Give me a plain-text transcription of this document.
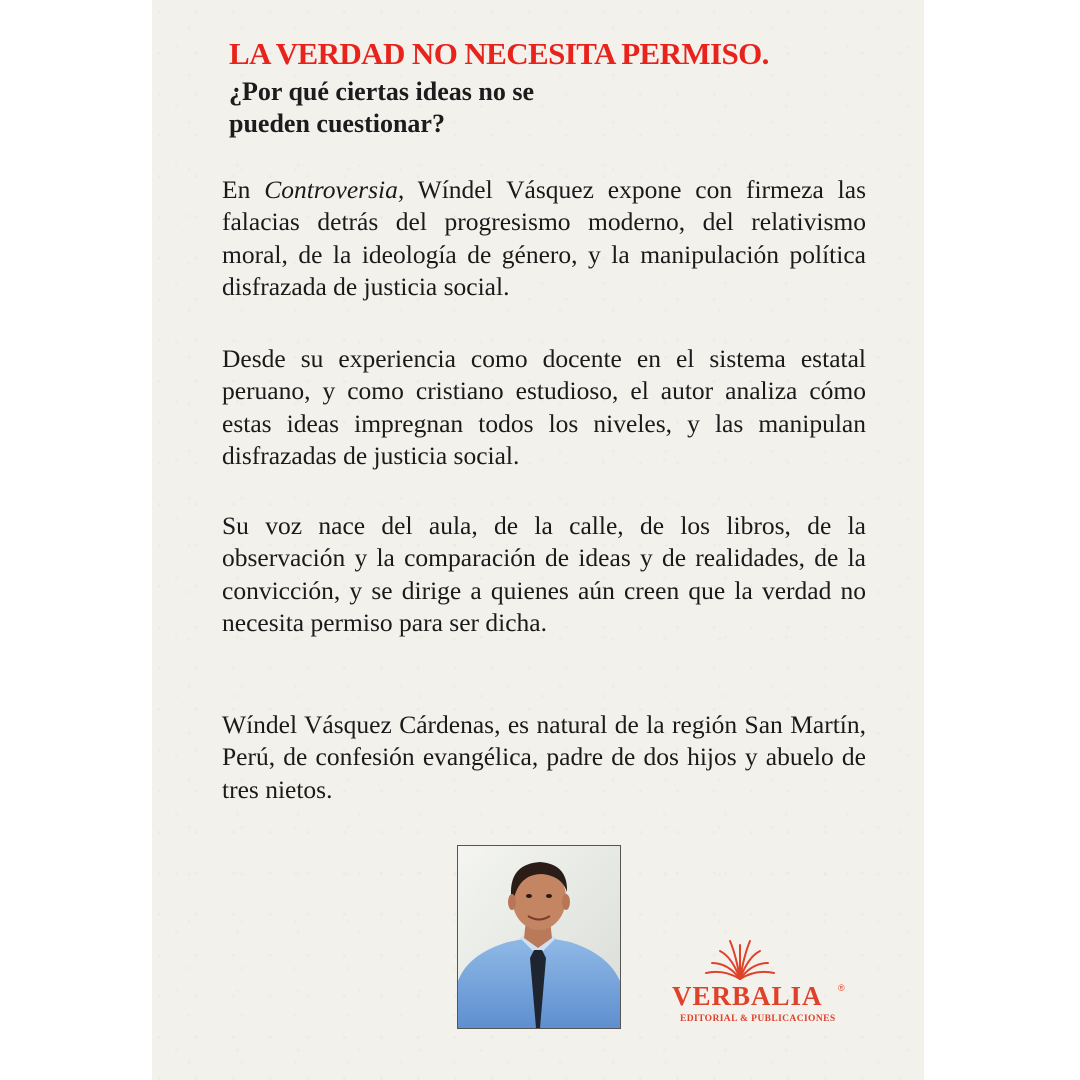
LA VERDAD NO NECESITA PERMISO.
¿Por qué ciertas ideas no se
pueden cuestionar?

En Controversia, Wíndel Vásquez expone con firmeza las falacias detrás del progresismo moderno, del relativismo moral, de la ideología de género, y la manipulación política disfrazada de justicia social.

Desde su experiencia como docente en el sistema estatal peruano, y como cristiano estudioso, el autor analiza cómo estas ideas impregnan todos los niveles, y las manipulan disfrazadas de justicia social.

Su voz nace del aula, de la calle, de los libros, de la observación y la comparación de ideas y de realidades, de la convicción, y se dirige a quienes aún creen que la verdad no necesita permiso para ser dicha.

Wíndel Vásquez Cárdenas, es natural de la región San Martín, Perú, de confesión evangélica, padre de dos hijos y abuelo de tres nietos.

VERBALIA ®

EDITORIAL & PUBLICACIONES
